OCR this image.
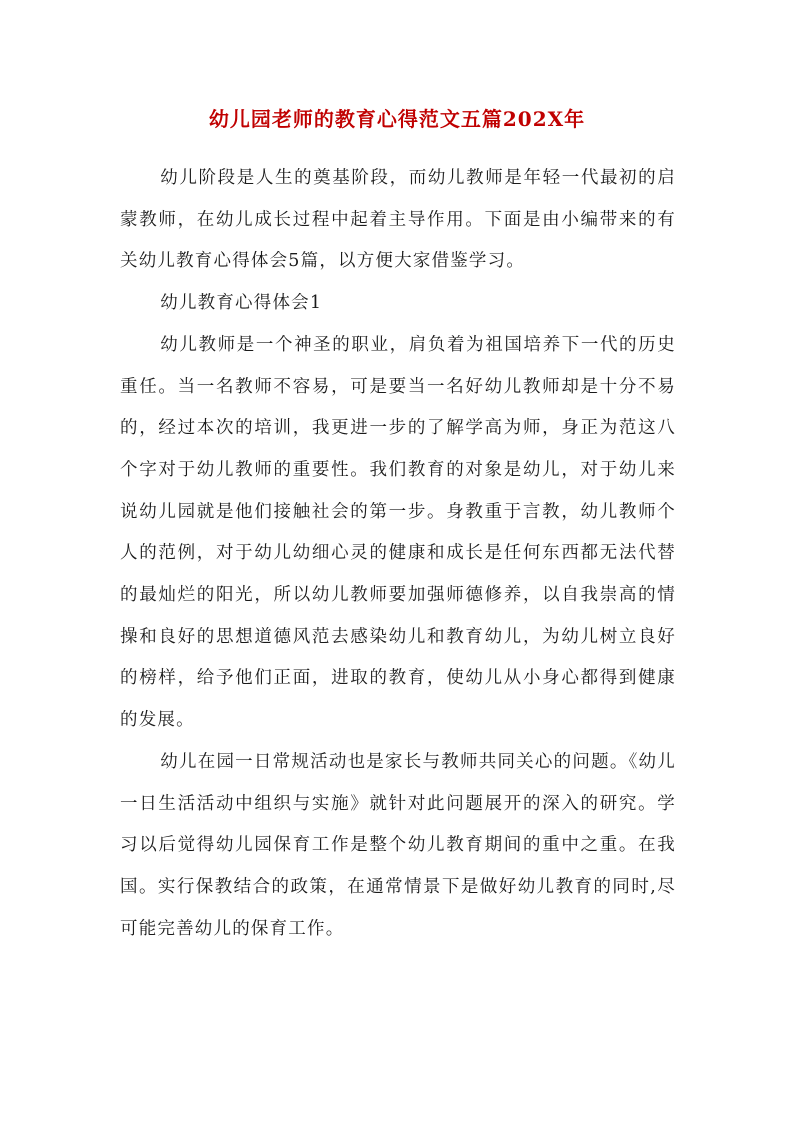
幼儿园老师的教育心得范文五篇202X年

幼儿阶段是人生的奠基阶段，而幼儿教师是年轻一代最初的启蒙教师，在幼儿成长过程中起着主导作用。下面是由小编带来的有关幼儿教育心得体会5篇，以方便大家借鉴学习。

幼儿教育心得体会1

幼儿教师是一个神圣的职业，肩负着为祖国培养下一代的历史重任。当一名教师不容易，可是要当一名好幼儿教师却是十分不易的，经过本次的培训，我更进一步的了解学高为师，身正为范这八个字对于幼儿教师的重要性。我们教育的对象是幼儿，对于幼儿来说幼儿园就是他们接触社会的第一步。身教重于言教，幼儿教师个人的范例，对于幼儿幼细心灵的健康和成长是任何东西都无法代替的最灿烂的阳光，所以幼儿教师要加强师德修养，以自我崇高的情操和良好的思想道德风范去感染幼儿和教育幼儿，为幼儿树立良好的榜样，给予他们正面，进取的教育，使幼儿从小身心都得到健康的发展。

幼儿在园一日常规活动也是家长与教师共同关心的问题。《幼儿一日生活活动中组织与实施》就针对此问题展开的深入的研究。学习以后觉得幼儿园保育工作是整个幼儿教育期间的重中之重。在我国。实行保教结合的政策，在通常情景下是做好幼儿教育的同时,尽可能完善幼儿的保育工作。
